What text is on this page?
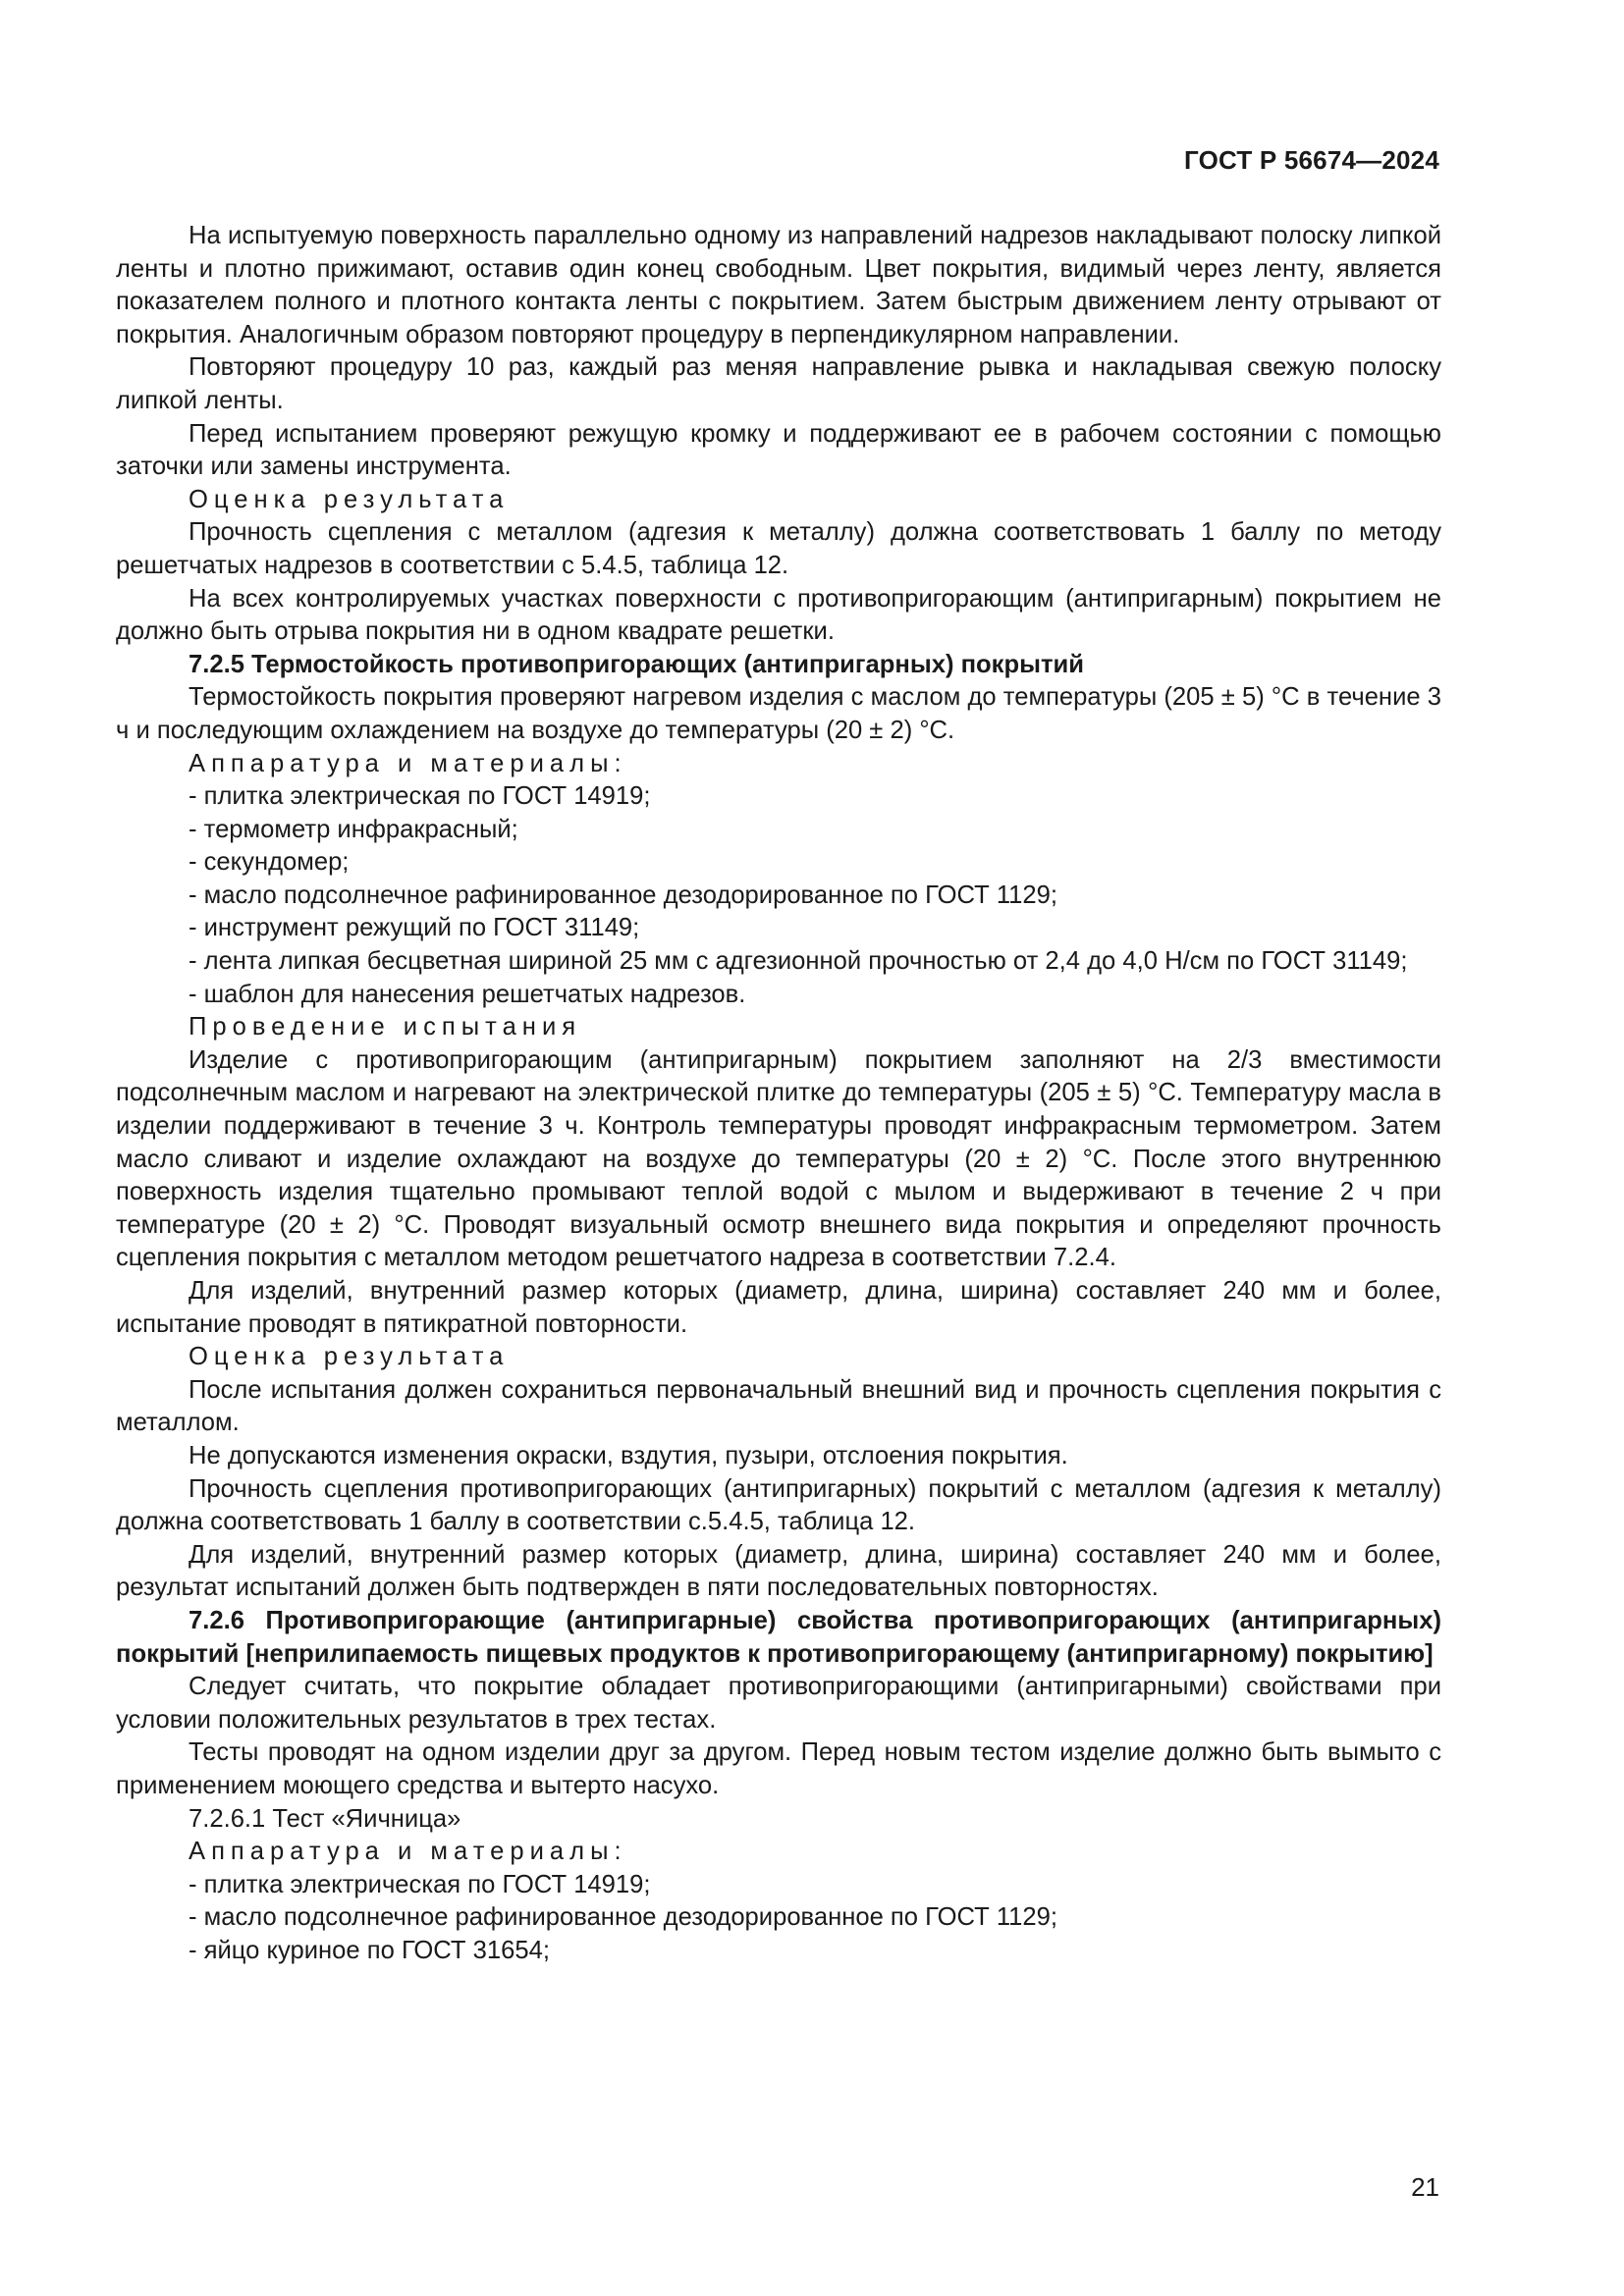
ГОСТ Р 56674—2024

На испытуемую поверхность параллельно одному из направлений надрезов накладывают полоску липкой ленты и плотно прижимают, оставив один конец свободным. Цвет покрытия, видимый через ленту, является показателем полного и плотного контакта ленты с покрытием. Затем быстрым движением ленту отрывают от покрытия. Аналогичным образом повторяют процедуру в перпендикулярном направлении.

Повторяют процедуру 10 раз, каждый раз меняя направление рывка и накладывая свежую полоску липкой ленты.

Перед испытанием проверяют режущую кромку и поддерживают ее в рабочем состоянии с помощью заточки или замены инструмента.

Оценка результата

Прочность сцепления с металлом (адгезия к металлу) должна соответствовать 1 баллу по методу решетчатых надрезов в соответствии с 5.4.5, таблица 12.

На всех контролируемых участках поверхности с противопригорающим (антипригарным) покрытием не должно быть отрыва покрытия ни в одном квадрате решетки.

7.2.5 Термостойкость противопригорающих (антипригарных) покрытий

Термостойкость покрытия проверяют нагревом изделия с маслом до температуры (205 ± 5) °С в течение 3 ч и последующим охлаждением на воздухе до температуры (20 ± 2) °С.

Аппаратура и материалы:

- плитка электрическая по ГОСТ 14919;

- термометр инфракрасный;

- секундомер;

- масло подсолнечное рафинированное дезодорированное по ГОСТ 1129;

- инструмент режущий по ГОСТ 31149;

- лента липкая бесцветная шириной 25 мм с адгезионной прочностью от 2,4 до 4,0 Н/см по ГОСТ 31149;

- шаблон для нанесения решетчатых надрезов.

Проведение испытания

Изделие с противопригорающим (антипригарным) покрытием заполняют на 2/3 вместимости подсолнечным маслом и нагревают на электрической плитке до температуры (205 ± 5) °С. Температуру масла в изделии поддерживают в течение 3 ч. Контроль температуры проводят инфракрасным термометром. Затем масло сливают и изделие охлаждают на воздухе до температуры (20 ± 2) °С. После этого внутреннюю поверхность изделия тщательно промывают теплой водой с мылом и выдерживают в течение 2 ч при температуре (20 ± 2) °С. Проводят визуальный осмотр внешнего вида покрытия и определяют прочность сцепления покрытия с металлом методом решетчатого надреза в соответствии 7.2.4.

Для изделий, внутренний размер которых (диаметр, длина, ширина) составляет 240 мм и более, испытание проводят в пятикратной повторности.

Оценка результата

После испытания должен сохраниться первоначальный внешний вид и прочность сцепления покрытия с металлом.

Не допускаются изменения окраски, вздутия, пузыри, отслоения покрытия.

Прочность сцепления противопригорающих (антипригарных) покрытий с металлом (адгезия к металлу) должна соответствовать 1 баллу в соответствии с.5.4.5, таблица 12.

Для изделий, внутренний размер которых (диаметр, длина, ширина) составляет 240 мм и более, результат испытаний должен быть подтвержден в пяти последовательных повторностях.

7.2.6 Противопригорающие (антипригарные) свойства противопригорающих (антипригарных) покрытий [неприлипаемость пищевых продуктов к противопригорающему (антипригарному) покрытию]

Следует считать, что покрытие обладает противопригорающими (антипригарными) свойствами при условии положительных результатов в трех тестах.

Тесты проводят на одном изделии друг за другом. Перед новым тестом изделие должно быть вымыто с применением моющего средства и вытерто насухо.

7.2.6.1 Тест «Яичница»

Аппаратура и материалы:

- плитка электрическая по ГОСТ 14919;

- масло подсолнечное рафинированное дезодорированное по ГОСТ 1129;

- яйцо куриное по ГОСТ 31654;

21
